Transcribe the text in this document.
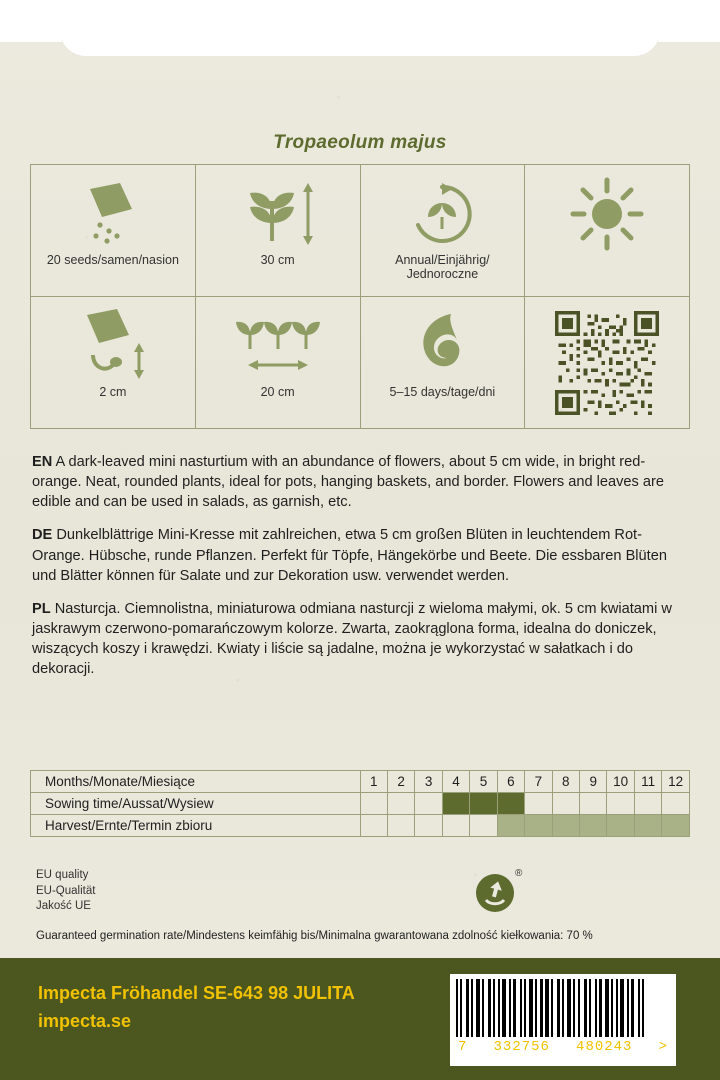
Tropaeolum majus
20 seeds/samen/nasion	30 cm	Annual/Einjährig/
Jednoroczne
2 cm	20 cm	5–15 days/tage/dni
EN A dark-leaved mini nasturtium with an abundance of flowers, about 5 cm wide, in bright red-orange. Neat, rounded plants, ideal for pots, hanging baskets, and border. Flowers and leaves are edible and can be used in salads, as garnish, etc.
DE Dunkelblättrige Mini-Kresse mit zahlreichen, etwa 5 cm großen Blüten in leuchtendem Rot-Orange. Hübsche, runde Pflanzen. Perfekt für Töpfe, Hängekörbe und Beete. Die essbaren Blüten und Blätter können für Salate und zur Dekoration usw. verwendet werden.
PL Nasturcja. Ciemnolistna, miniaturowa odmiana nasturcji z wieloma małymi, ok. 5 cm kwiatami w jaskrawym czerwono-pomarańczowym kolorze. Zwarta, zaokrąglona forma, idealna do doniczek, wiszących koszy i krawędzi. Kwiaty i liście są jadalne, można je wykorzystać w sałatkach i do dekoracji.
Months/Monate/Miesiące	1	2	3	4	5	6	7	8	9	10	11	12
Sowing time/Aussat/Wysiew												
Harvest/Ernte/Termin zbioru												
EU quality
EU-Qualität
Jakość UE
®
Guaranteed germination rate/Mindestens keimfähig bis/Minimalna gwarantowana zdolność kiełkowania: 70 %
Impecta Fröhandel SE-643 98 JULITA
impecta.se
7 332756 480243 >
